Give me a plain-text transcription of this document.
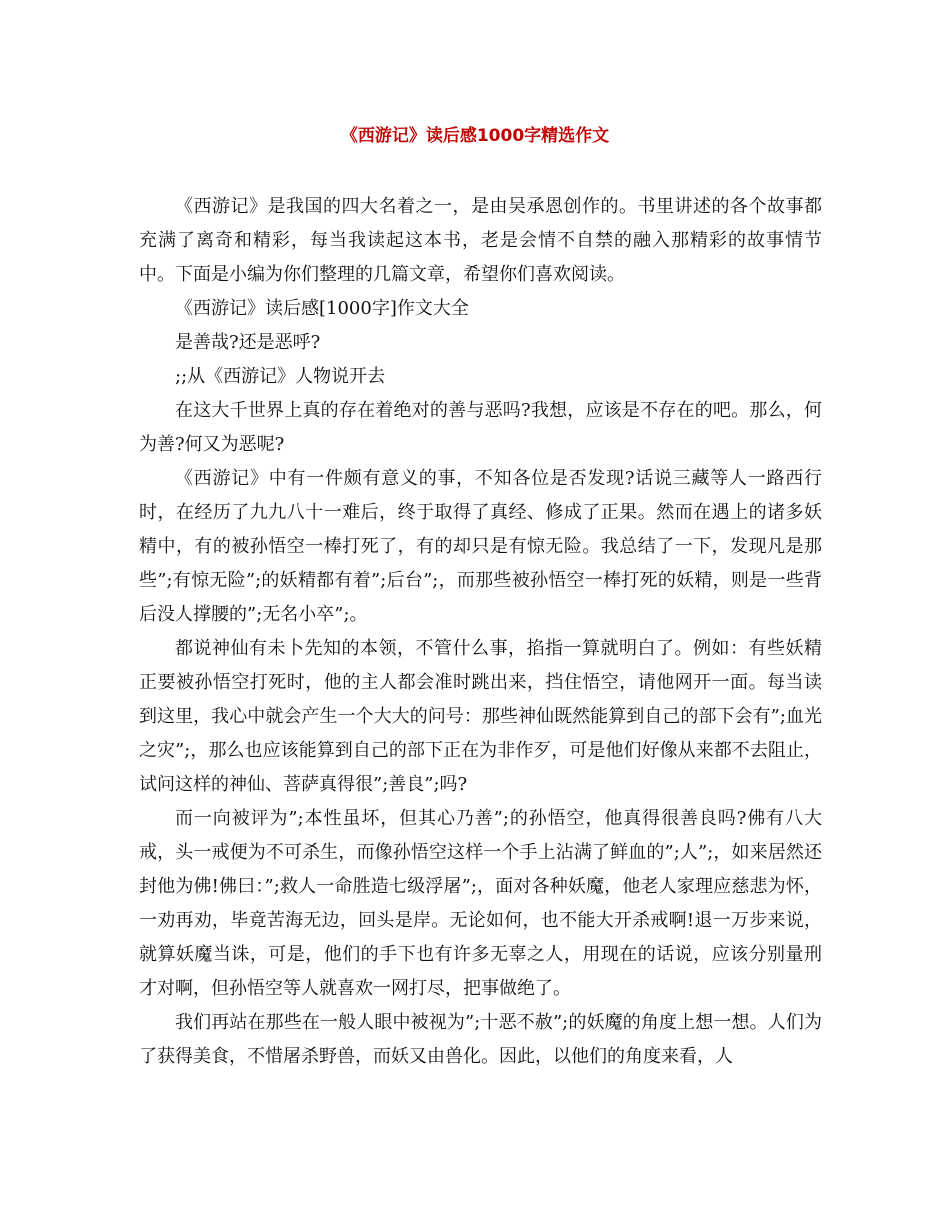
《西游记》读后感1000字精选作文

《西游记》是我国的四大名着之一，是由吴承恩创作的。书里讲述的各个故事都充满了离奇和精彩，每当我读起这本书，老是会情不自禁的融入那精彩的故事情节中。下面是小编为你们整理的几篇文章，希望你们喜欢阅读。

《西游记》读后感[1000字]作文大全

是善哉?还是恶呼?

;;从《西游记》人物说开去

在这大千世界上真的存在着绝对的善与恶吗?我想，应该是不存在的吧。那么，何为善?何又为恶呢?

《西游记》中有一件颇有意义的事，不知各位是否发现?话说三藏等人一路西行时，在经历了九九八十一难后，终于取得了真经、修成了正果。然而在遇上的诸多妖精中，有的被孙悟空一棒打死了，有的却只是有惊无险。我总结了一下，发现凡是那些”;有惊无险”;的妖精都有着”;后台”;，而那些被孙悟空一棒打死的妖精，则是一些背后没人撑腰的”;无名小卒”;。

都说神仙有未卜先知的本领，不管什么事，掐指一算就明白了。例如：有些妖精正要被孙悟空打死时，他的主人都会准时跳出来，挡住悟空，请他网开一面。每当读到这里，我心中就会产生一个大大的问号：那些神仙既然能算到自己的部下会有”;血光之灾”;，那么也应该能算到自己的部下正在为非作歹，可是他们好像从来都不去阻止，试问这样的神仙、菩萨真得很”;善良”;吗?

而一向被评为”;本性虽坏，但其心乃善”;的孙悟空，他真得很善良吗?佛有八大戒，头一戒便为不可杀生，而像孙悟空这样一个手上沾满了鲜血的”;人”;，如来居然还封他为佛!佛曰：”;救人一命胜造七级浮屠”;，面对各种妖魔，他老人家理应慈悲为怀，一劝再劝，毕竟苦海无边，回头是岸。无论如何，也不能大开杀戒啊!退一万步来说，就算妖魔当诛，可是，他们的手下也有许多无辜之人，用现在的话说，应该分别量刑才对啊，但孙悟空等人就喜欢一网打尽，把事做绝了。

我们再站在那些在一般人眼中被视为”;十恶不赦”;的妖魔的角度上想一想。人们为了获得美食，不惜屠杀野兽，而妖又由兽化。因此，以他们的角度来看，人
